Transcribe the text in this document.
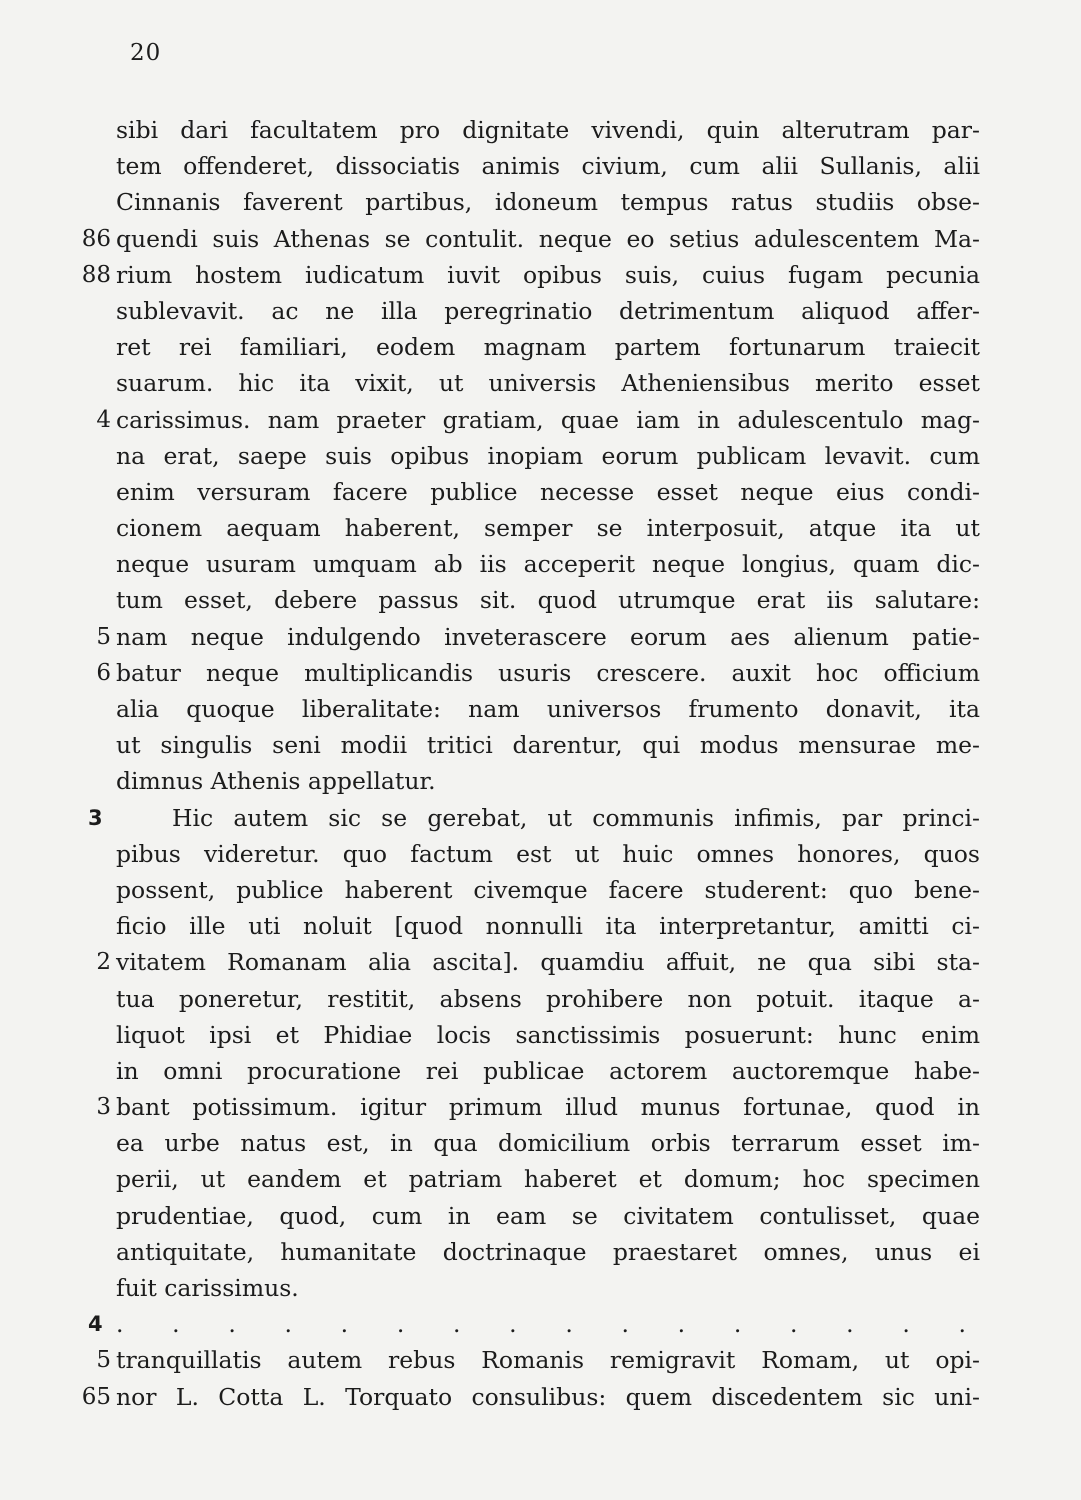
20
sibi dari facultatem pro dignitate vivendi, quin alterutram par-
tem offenderet, dissociatis animis civium, cum alii Sullanis, alii
Cinnanis faverent partibus, idoneum tempus ratus studiis obse-
86 quendi suis Athenas se contulit. neque eo setius adulescentem Ma-
88 rium hostem iudicatum iuvit opibus suis, cuius fugam pecunia
sublevavit. ac ne illa peregrinatio detrimentum aliquod affer-
ret rei familiari, eodem magnam partem fortunarum traiecit
suarum. hic ita vixit, ut universis Atheniensibus merito esset
4 carissimus. nam praeter gratiam, quae iam in adulescentulo mag-
na erat, saepe suis opibus inopiam eorum publicam levavit. cum
enim versuram facere publice necesse esset neque eius condi-
cionem aequam haberent, semper se interposuit, atque ita ut
neque usuram umquam ab iis acceperit neque longius, quam dic-
tum esset, debere passus sit. quod utrumque erat iis salutare:
5 nam neque indulgendo inveterascere eorum aes alienum patie-
6 batur neque multiplicandis usuris crescere. auxit hoc officium
alia quoque liberalitate: nam universos frumento donavit, ita
ut singulis seni modii tritici darentur, qui modus mensurae me-
dimnus Athenis appellatur.
3	Hic autem sic se gerebat, ut communis infimis, par princi-
pibus videretur. quo factum est ut huic omnes honores, quos
possent, publice haberent civemque facere studerent: quo bene-
ficio ille uti noluit [quod nonnulli ita interpretantur, amitti ci-
2 vitatem Romanam alia ascita]. quamdiu affuit, ne qua sibi sta-
tua poneretur, restitit, absens prohibere non potuit. itaque a-
liquot ipsi et Phidiae locis sanctissimis posuerunt: hunc enim
in omni procuratione rei publicae actorem auctoremque habe-
3 bant potissimum. igitur primum illud munus fortunae, quod in
ea urbe natus est, in qua domicilium orbis terrarum esset im-
perii, ut eandem et patriam haberet et domum; hoc specimen
prudentiae, quod, cum in eam se civitatem contulisset, quae
antiquitate, humanitate doctrinaque praestaret omnes, unus ei
fuit carissimus.
4 . . . . . . . . . . . . . . . .
5 tranquillatis autem rebus Romanis remigravit Romam, ut opi-
65 nor L. Cotta L. Torquato consulibus: quem discedentem sic uni-
